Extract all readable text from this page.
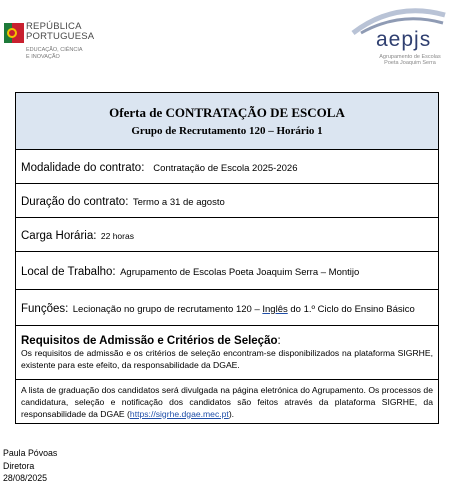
REPÚBLICA
PORTUGUESA
EDUCAÇÃO, CIÊNCIA
E INOVAÇÃO
aepjs
Agrupamento de Escolas
Poeta Joaquim Serra
Oferta de CONTRATAÇÃO DE ESCOLA
Grupo de Recrutamento 120 – Horário 1

Modalidade do contrato: Contratação de Escola 2025-2026
Duração do contrato: Termo a 31 de agosto
Carga Horária: 22 horas
Local de Trabalho: Agrupamento de Escolas Poeta Joaquim Serra – Montijo
Funções: Lecionação no grupo de recrutamento 120 – Inglês do 1.º Ciclo do Ensino Básico

Requisitos de Admissão e Critérios de Seleção:
Os requisitos de admissão e os critérios de seleção encontram-se disponibilizados na plataforma SIGRHE, existente para este efeito, da responsabilidade da DGAE.

A lista de graduação dos candidatos será divulgada na página eletrónica do Agrupamento. Os processos de candidatura, seleção e notificação dos candidatos são feitos através da plataforma SIGRHE, da responsabilidade da DGAE (https://sigrhe.dgae.mec.pt).
Paula Póvoas
Diretora
28/08/2025
